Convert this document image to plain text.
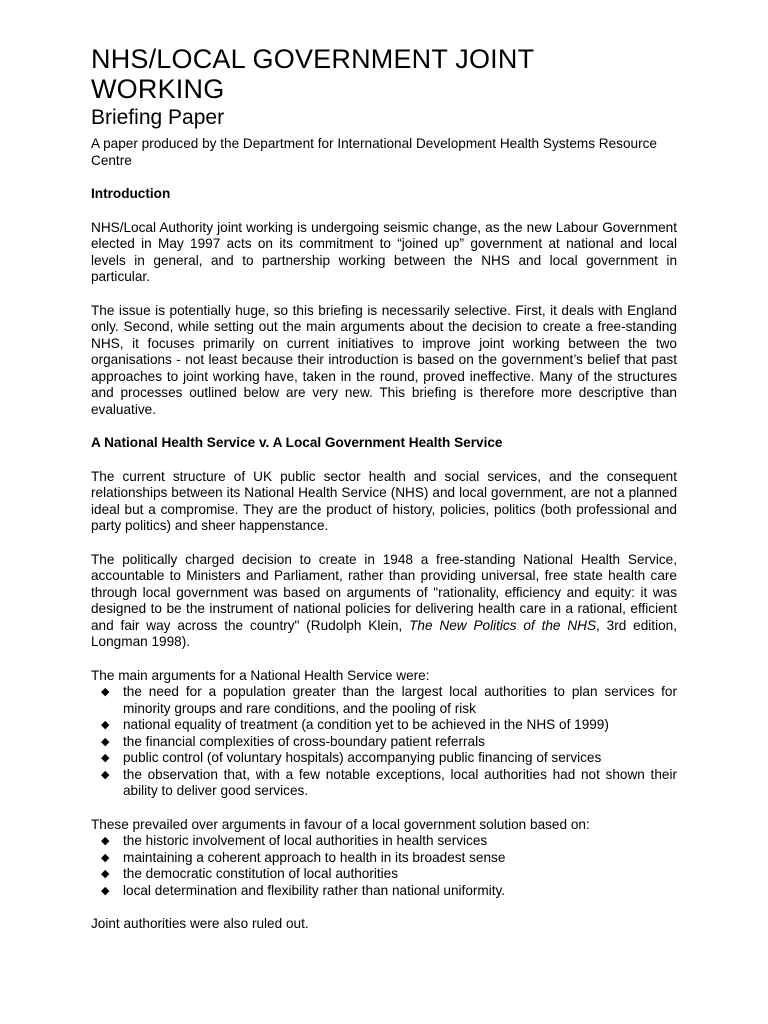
NHS/LOCAL GOVERNMENT JOINT
WORKING
Briefing Paper

A paper produced by the Department for International Development Health Systems Resource Centre

Introduction

NHS/Local Authority joint working is undergoing seismic change, as the new Labour Government elected in May 1997 acts on its commitment to “joined up” government at national and local levels in general, and to partnership working between the NHS and local government in particular.

The issue is potentially huge, so this briefing is necessarily selective. First, it deals with England only. Second, while setting out the main arguments about the decision to create a free-standing NHS, it focuses primarily on current initiatives to improve joint working between the two organisations - not least because their introduction is based on the government’s belief that past approaches to joint working have, taken in the round, proved ineffective. Many of the structures and processes outlined below are very new. This briefing is therefore more descriptive than evaluative.

A National Health Service v. A Local Government Health Service

The current structure of UK public sector health and social services, and the consequent relationships between its National Health Service (NHS) and local government, are not a planned ideal but a compromise. They are the product of history, policies, politics (both professional and party politics) and sheer happenstance.

The politically charged decision to create in 1948 a free-standing National Health Service, accountable to Ministers and Parliament, rather than providing universal, free state health care through local government was based on arguments of "rationality, efficiency and equity: it was designed to be the instrument of national policies for delivering health care in a rational, efficient and fair way across the country" (Rudolph Klein, The New Politics of the NHS, 3rd edition, Longman 1998).

The main arguments for a National Health Service were:

◆ the need for a population greater than the largest local authorities to plan services for minority groups and rare conditions, and the pooling of risk
◆ national equality of treatment (a condition yet to be achieved in the NHS of 1999)
◆ the financial complexities of cross-boundary patient referrals
◆ public control (of voluntary hospitals) accompanying public financing of services
◆ the observation that, with a few notable exceptions, local authorities had not shown their ability to deliver good services.

These prevailed over arguments in favour of a local government solution based on:

◆ the historic involvement of local authorities in health services
◆ maintaining a coherent approach to health in its broadest sense
◆ the democratic constitution of local authorities
◆ local determination and flexibility rather than national uniformity.

Joint authorities were also ruled out.
